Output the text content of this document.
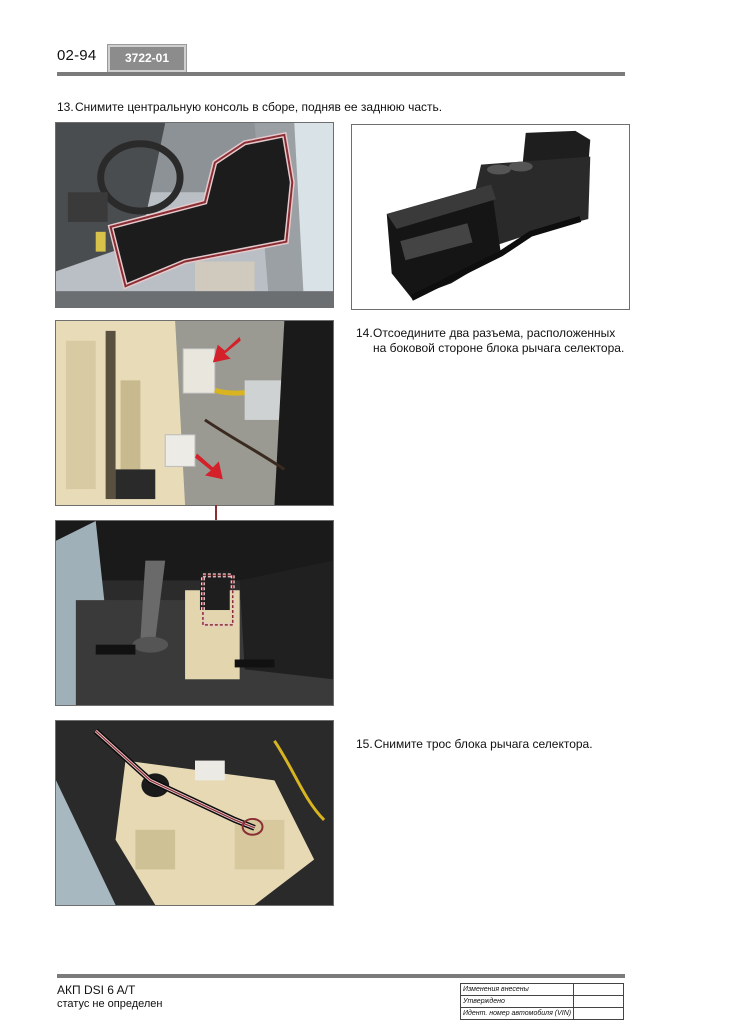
02-94	3722-01
13.Снимите центральную консоль в сборе, подняв ее заднюю часть.
14. Отсоедините два разъема, расположенных на боковой стороне блока рычага селектора.
15.Снимите трос блока рычага селектора.
АКП DSI 6 A/T
статус не определен
Изменения внесены	
Утверждено	
Идент. номер автомобиля (VIN)	
